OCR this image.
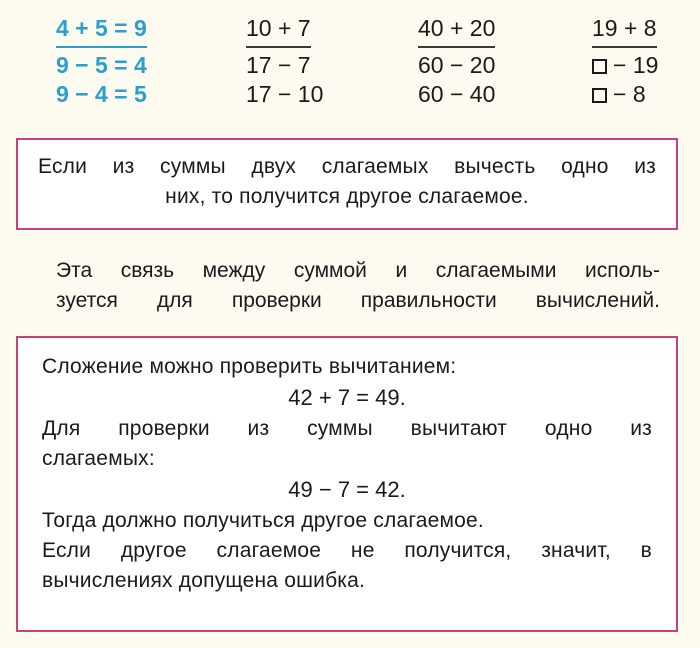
4 + 5 = 9
9 − 5 = 4
9 − 4 = 5
10 + 7
17 − 7
17 − 10
40 + 20
60 − 20
60 − 40
19 + 8
− 19
− 8
Если из суммы двух слагаемых вычесть одно из
них, то получится другое слагаемое.
Эта связь между суммой и слагаемыми исполь-
зуется для проверки правильности вычислений.
Сложение можно проверить вычитанием:
42 + 7 = 49.
Для проверки из суммы вычитают одно из
слагаемых:
49 − 7 = 42.
Тогда должно получиться другое слагаемое.
Если другое слагаемое не получится, значит, в
вычислениях допущена ошибка.
